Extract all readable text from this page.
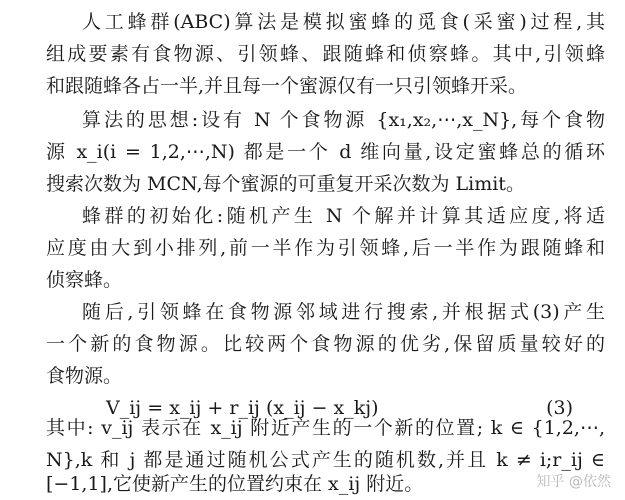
人工蜂群(ABC)算法是模拟蜜蜂的觅食(采蜜)过程,其
组成要素有食物源、引领蜂、跟随蜂和侦察蜂。其中,引领蜂
和跟随蜂各占一半,并且每一个蜜源仅有一只引领蜂开采。
算法的思想:设有 N 个食物源 {x₁,x₂,⋯,x_N},每个食物
源 x_i(i = 1,2,⋯,N) 都是一个 d 维向量,设定蜜蜂总的循环
搜索次数为 MCN,每个蜜源的可重复开采次数为 Limit。
蜂群的初始化:随机产生 N 个解并计算其适应度,将适
应度由大到小排列,前一半作为引领蜂,后一半作为跟随蜂和
侦察蜂。
随后,引领蜂在食物源邻域进行搜索,并根据式(3)产生
一个新的食物源。比较两个食物源的优劣,保留质量较好的
食物源。
V_ij = x_ij + r_ij (x_ij − x_kj)	(3)
其中: v_ij 表示在 x_ij 附近产生的一个新的位置; k ∈ {1,2,⋯,
N},k 和 j 都是通过随机公式产生的随机数,并且 k ≠ i;r_ij ∈
[−1,1],它使新产生的位置约束在 x_ij 附近。	知乎 @依然
